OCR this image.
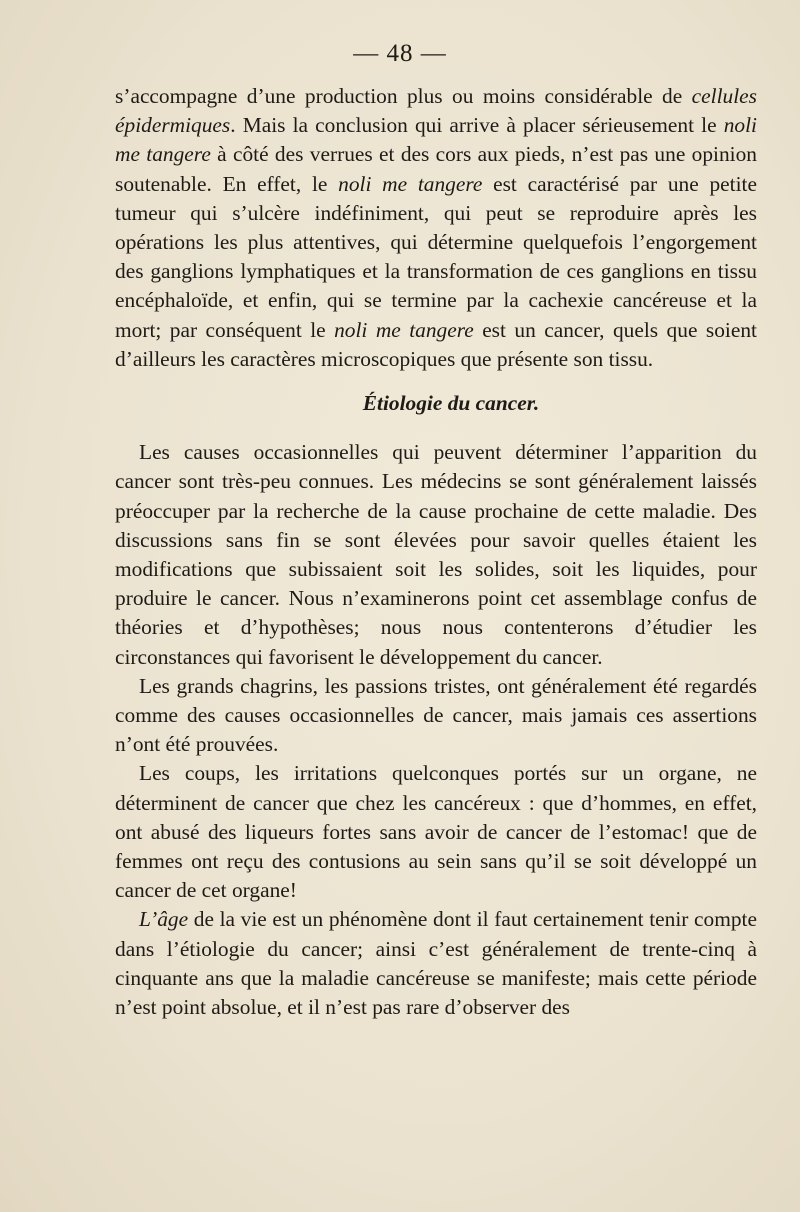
— 48 —

s’accompagne d’une production plus ou moins considérable de cellules épidermiques. Mais la conclusion qui arrive à placer sérieusement le noli me tangere à côté des verrues et des cors aux pieds, n’est pas une opinion soutenable. En effet, le noli me tangere est caractérisé par une petite tumeur qui s’ulcère indéfiniment, qui peut se reproduire après les opérations les plus attentives, qui détermine quelquefois l’engorgement des ganglions lymphatiques et la transformation de ces ganglions en tissu encéphaloïde, et enfin, qui se termine par la cachexie cancéreuse et la mort; par conséquent le noli me tangere est un cancer, quels que soient d’ailleurs les caractères microscopiques que présente son tissu.

Étiologie du cancer.

Les causes occasionnelles qui peuvent déterminer l’apparition du cancer sont très-peu connues. Les médecins se sont généralement laissés préoccuper par la recherche de la cause prochaine de cette maladie. Des discussions sans fin se sont élevées pour savoir quelles étaient les modifications que subissaient soit les solides, soit les liquides, pour produire le cancer. Nous n’examinerons point cet assemblage confus de théories et d’hypothèses; nous nous contenterons d’étudier les circonstances qui favorisent le développement du cancer.

Les grands chagrins, les passions tristes, ont généralement été regardés comme des causes occasionnelles de cancer, mais jamais ces assertions n’ont été prouvées.

Les coups, les irritations quelconques portés sur un organe, ne déterminent de cancer que chez les cancéreux : que d’hommes, en effet, ont abusé des liqueurs fortes sans avoir de cancer de l’estomac! que de femmes ont reçu des contusions au sein sans qu’il se soit développé un cancer de cet organe!

L’âge de la vie est un phénomène dont il faut certainement tenir compte dans l’étiologie du cancer; ainsi c’est généralement de trente-cinq à cinquante ans que la maladie cancéreuse se manifeste; mais cette période n’est point absolue, et il n’est pas rare d’observer des
